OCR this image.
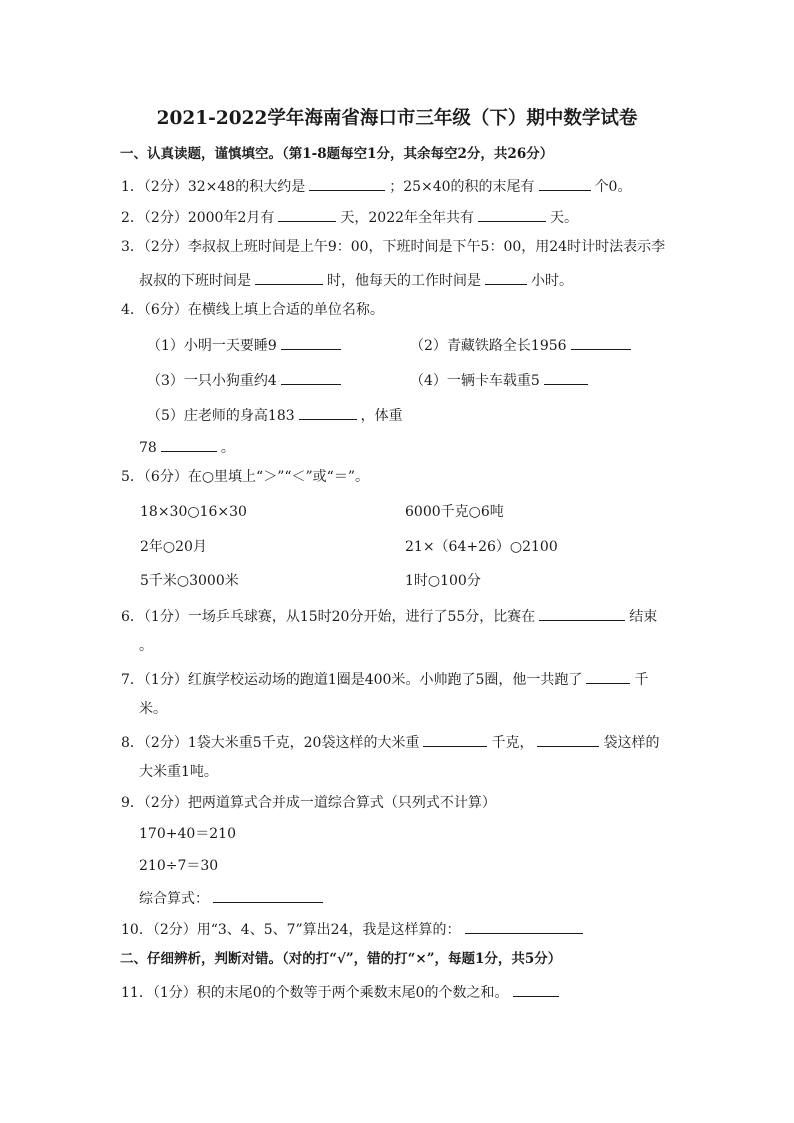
2021-2022学年海南省海口市三年级（下）期中数学试卷
一、认真读题，谨慎填空。（第1-8题每空1分，其余每空2分，共26分）
1．（2分）32×48的积大约是	；25×40的积的末尾有	个0。
2．（2分）2000年2月有	天，2022年全年共有	天。
3．（2分）李叔叔上班时间是上午9：00，下班时间是下午5：00，用24时计时法表示李
叔叔的下班时间是	时，他每天的工作时间是	小时。
4．（6分）在横线上填上合适的单位名称。
（1）小明一天要睡9	（2）青藏铁路全长1956
（3）一只小狗重约4	（4）一辆卡车载重5
（5）庄老师的身高183	，体重
78	。
5．（6分）在○里填上“＞”“＜”或“＝”。
18×30○16×30	6000千克○6吨
2年○20月	21×（64+26）○2100
5千米○3000米	1时○100分
6．（1分）一场乒乓球赛，从15时20分开始，进行了55分，比赛在	结束
。
7．（1分）红旗学校运动场的跑道1圈是400米。小帅跑了5圈，他一共跑了	千
米。
8．（2分）1袋大米重5千克，20袋这样的大米重	千克，	袋这样的
大米重1吨。
9．（2分）把两道算式合并成一道综合算式（只列式不计算）
170+40＝210
210÷7＝30
综合算式：
10．（2分）用“3、4、5、7”算出24，我是这样算的：
二、仔细辨析，判断对错。（对的打“√”，错的打“×”，每题1分，共5分）
11．（1分）积的末尾0的个数等于两个乘数末尾0的个数之和。
